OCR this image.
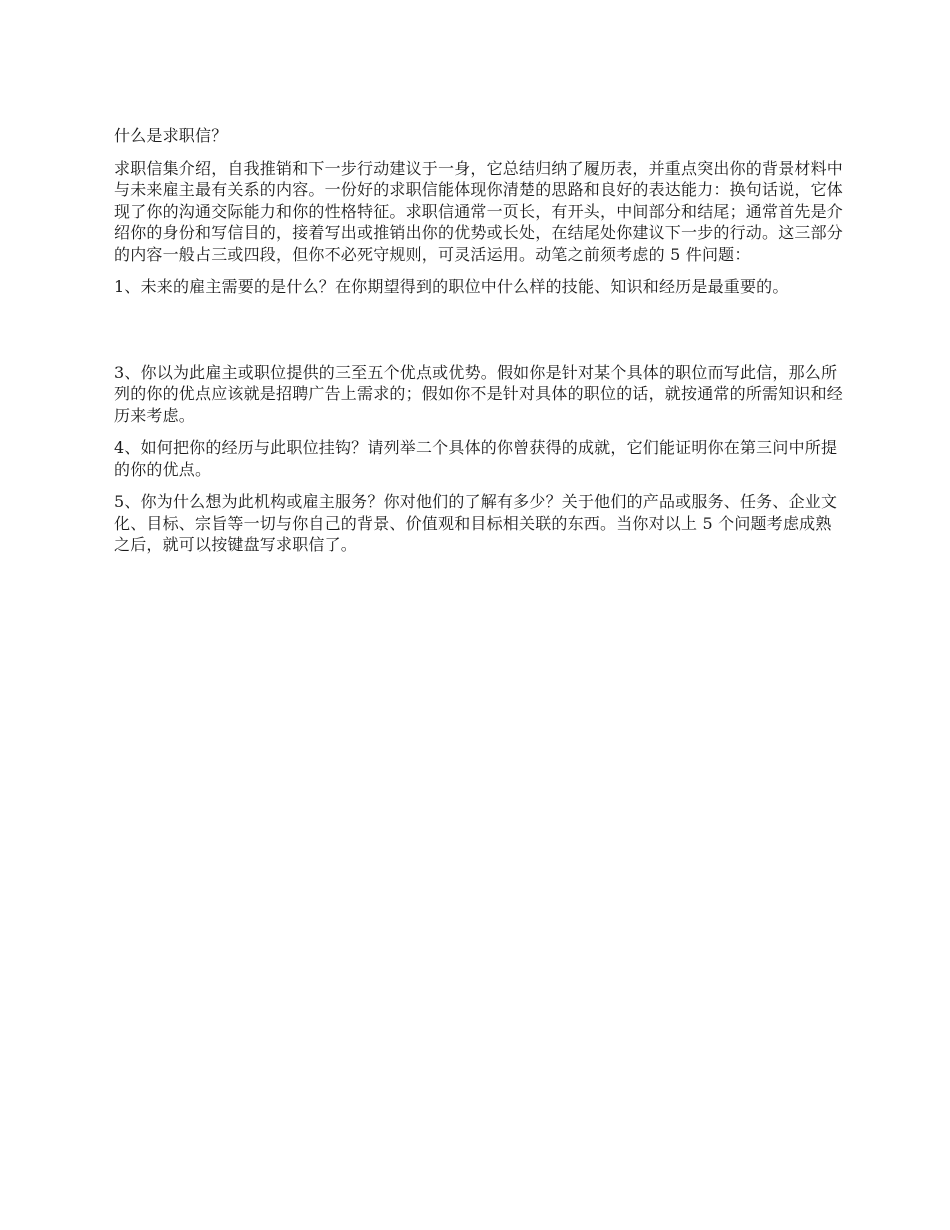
什么是求职信？

求职信集介绍，自我推销和下一步行动建议于一身，它总结归纳了履历表，并重点突出你的背景材料中与未来雇主最有关系的内容。一份好的求职信能体现你清楚的思路和良好的表达能力：换句话说，它体现了你的沟通交际能力和你的性格特征。求职信通常一页长，有开头，中间部分和结尾；通常首先是介绍你的身份和写信目的，接着写出或推销出你的优势或长处，在结尾处你建议下一步的行动。这三部分的内容一般占三或四段，但你不必死守规则，可灵活运用。动笔之前须考虑的 5 件问题：

1、未来的雇主需要的是什么？在你期望得到的职位中什么样的技能、知识和经历是最重要的。

3、你以为此雇主或职位提供的三至五个优点或优势。假如你是针对某个具体的职位而写此信，那么所列的你的优点应该就是招聘广告上需求的；假如你不是针对具体的职位的话，就按通常的所需知识和经历来考虑。

4、如何把你的经历与此职位挂钩？请列举二个具体的你曾获得的成就，它们能证明你在第三问中所提的你的优点。

5、你为什么想为此机构或雇主服务？你对他们的了解有多少？关于他们的产品或服务、任务、企业文化、目标、宗旨等一切与你自己的背景、价值观和目标相关联的东西。当你对以上 5 个问题考虑成熟之后，就可以按键盘写求职信了。
